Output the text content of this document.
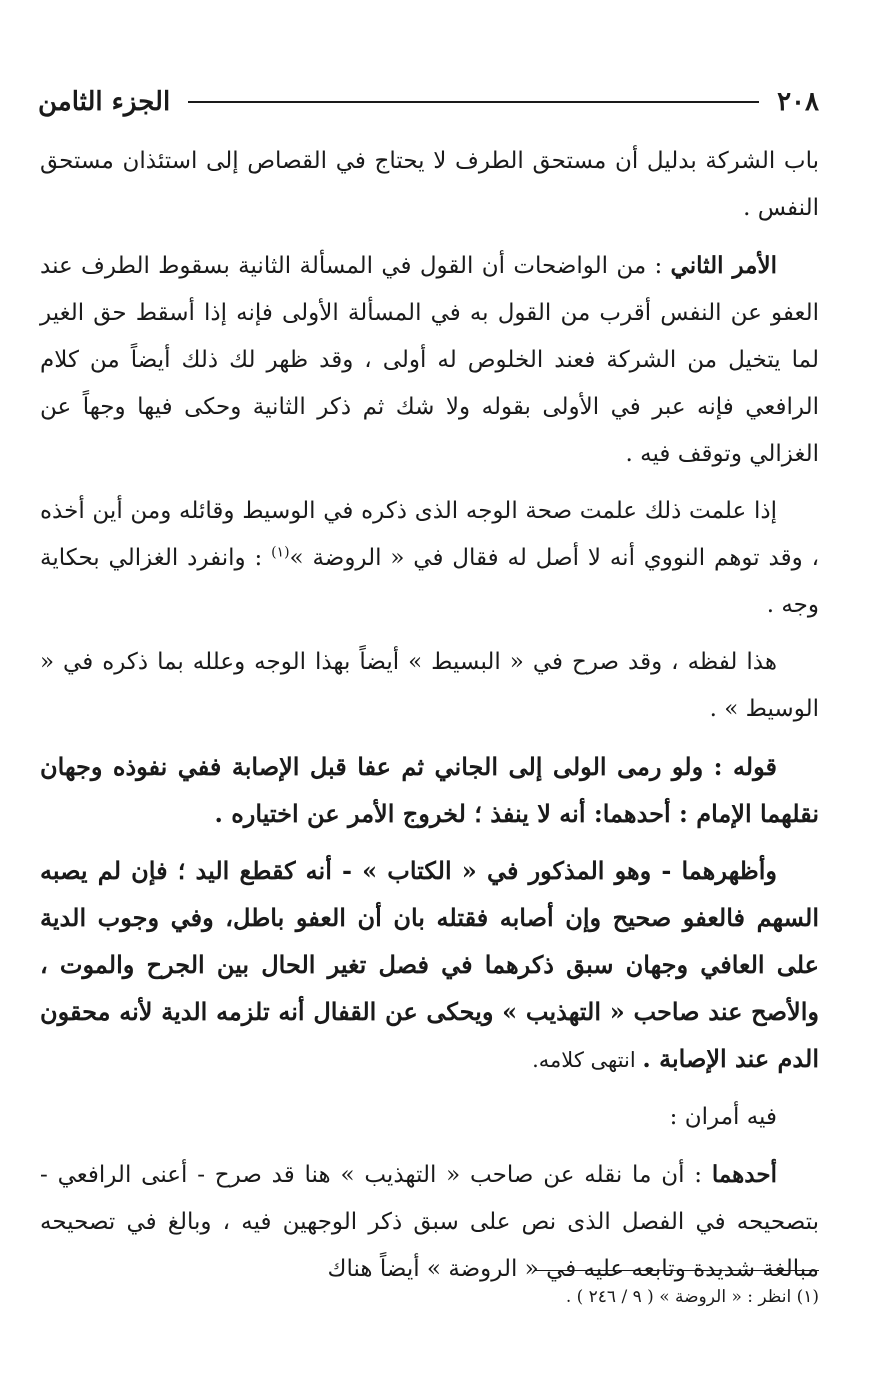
٢٠٨
الجزء الثامن

باب الشركة بدليل أن مستحق الطرف لا يحتاج في القصاص إلى استئذان مستحق النفس .

الأمر الثاني : من الواضحات أن القول في المسألة الثانية بسقوط الطرف عند العفو عن النفس أقرب من القول به في المسألة الأولى فإنه إذا أسقط حق الغير لما يتخيل من الشركة فعند الخلوص له أولى ، وقد ظهر لك ذلك أيضاً من كلام الرافعي فإنه عبر في الأولى بقوله ولا شك ثم ذكر الثانية وحكى فيها وجهاً عن الغزالي وتوقف فيه .

إذا علمت ذلك علمت صحة الوجه الذى ذكره في الوسيط وقائله ومن أين أخذه ، وقد توهم النووي أنه لا أصل له فقال في « الروضة »$^{(١)}$ : وانفرد الغزالي بحكاية وجه .

هذا لفظه ، وقد صرح في « البسيط » أيضاً بهذا الوجه وعلله بما ذكره في « الوسيط » .

قوله : ولو رمى الولى إلى الجاني ثم عفا قبل الإصابة ففي نفوذه وجهان نقلهما الإمام : أحدهما: أنه لا ينفذ ؛ لخروج الأمر عن اختياره .

وأظهرهما - وهو المذكور في « الكتاب » - أنه كقطع اليد ؛ فإن لم يصبه السهم فالعفو صحيح وإن أصابه فقتله بان أن العفو باطل، وفي وجوب الدية على العافي وجهان سبق ذكرهما في فصل تغير الحال بين الجرح والموت ، والأصح عند صاحب « التهذيب » ويحكى عن القفال أنه تلزمه الدية لأنه محقون الدم عند الإصابة . انتهى كلامه.

فيه أمران :

أحدهما : أن ما نقله عن صاحب « التهذيب » هنا قد صرح - أعنى الرافعي - بتصحيحه في الفصل الذى نص على سبق ذكر الوجهين فيه ، وبالغ في تصحيحه مبالغة شديدة وتابعه عليه في « الروضة » أيضاً هناك

(١) انظر : « الروضة » ( ٩ / ٢٤٦ ) .
